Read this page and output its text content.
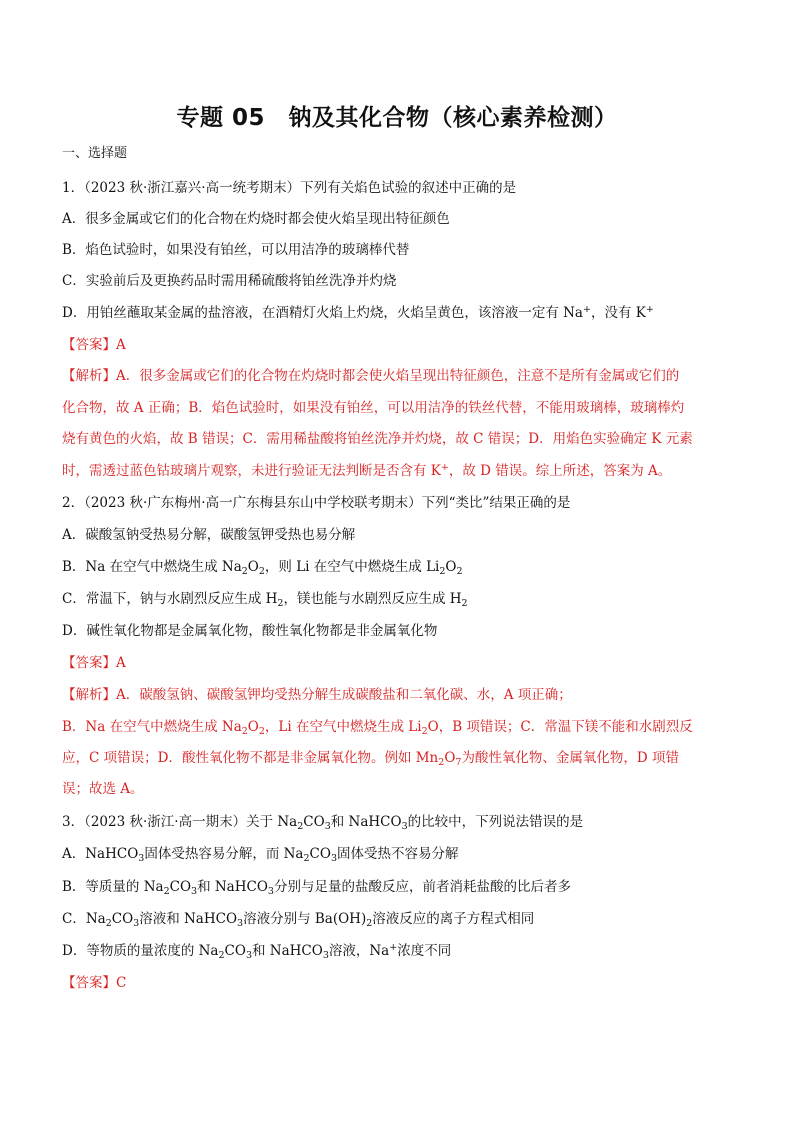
专题 05　钠及其化合物（核心素养检测）
一、选择题
1．（2023 秋·浙江嘉兴·高一统考期末）下列有关焰色试验的叙述中正确的是
A．很多金属或它们的化合物在灼烧时都会使火焰呈现出特征颜色
B．焰色试验时，如果没有铂丝，可以用洁净的玻璃棒代替
C．实验前后及更换药品时需用稀硫酸将铂丝洗净并灼烧
D．用铂丝蘸取某金属的盐溶液，在酒精灯火焰上灼烧，火焰呈黄色，该溶液一定有 Na+，没有 K+
【答案】A
【解析】A．很多金属或它们的化合物在灼烧时都会使火焰呈现出特征颜色，注意不是所有金属或它们的
化合物，故 A 正确；B．焰色试验时，如果没有铂丝，可以用洁净的铁丝代替，不能用玻璃棒，玻璃棒灼
烧有黄色的火焰，故 B 错误；C．需用稀盐酸将铂丝洗净并灼烧，故 C 错误；D．用焰色实验确定 K 元素
时，需透过蓝色钴玻璃片观察，未进行验证无法判断是否含有 K+，故 D 错误。综上所述，答案为 A。
2．（2023 秋·广东梅州·高一广东梅县东山中学校联考期末）下列“类比”结果正确的是
A．碳酸氢钠受热易分解，碳酸氢钾受热也易分解
B．Na 在空气中燃烧生成 $Na_2O_2$，则 Li 在空气中燃烧生成 $Li_2O_2$
C．常温下，钠与水剧烈反应生成 $H_2$，镁也能与水剧烈反应生成 $H_2$
D．碱性氧化物都是金属氧化物，酸性氧化物都是非金属氧化物
【答案】A
【解析】A．碳酸氢钠、碳酸氢钾均受热分解生成碳酸盐和二氧化碳、水，A 项正确；
B．Na 在空气中燃烧生成 $Na_2O_2$，Li 在空气中燃烧生成 $Li_2O$，B 项错误；C．常温下镁不能和水剧烈反
应，C 项错误；D．酸性氧化物不都是非金属氧化物。例如 $Mn_2O_7$为酸性氧化物、金属氧化物，D 项错
误；故选 A。
3．（2023 秋·浙江·高一期末）关于 $Na_2CO_3$和 NaHCO$_3$的比较中，下列说法错误的是
A．NaHCO$_3$固体受热容易分解，而 $Na_2CO_3$固体受热不容易分解
B．等质量的 $Na_2CO_3$和 NaHCO$_3$分别与足量的盐酸反应，前者消耗盐酸的比后者多
C．$Na_2CO_3$溶液和 NaHCO$_3$溶液分别与 $Ba(OH)_2$溶液反应的离子方程式相同
D．等物质的量浓度的 $Na_2CO_3$和 NaHCO$_3$溶液，Na+浓度不同
【答案】C
